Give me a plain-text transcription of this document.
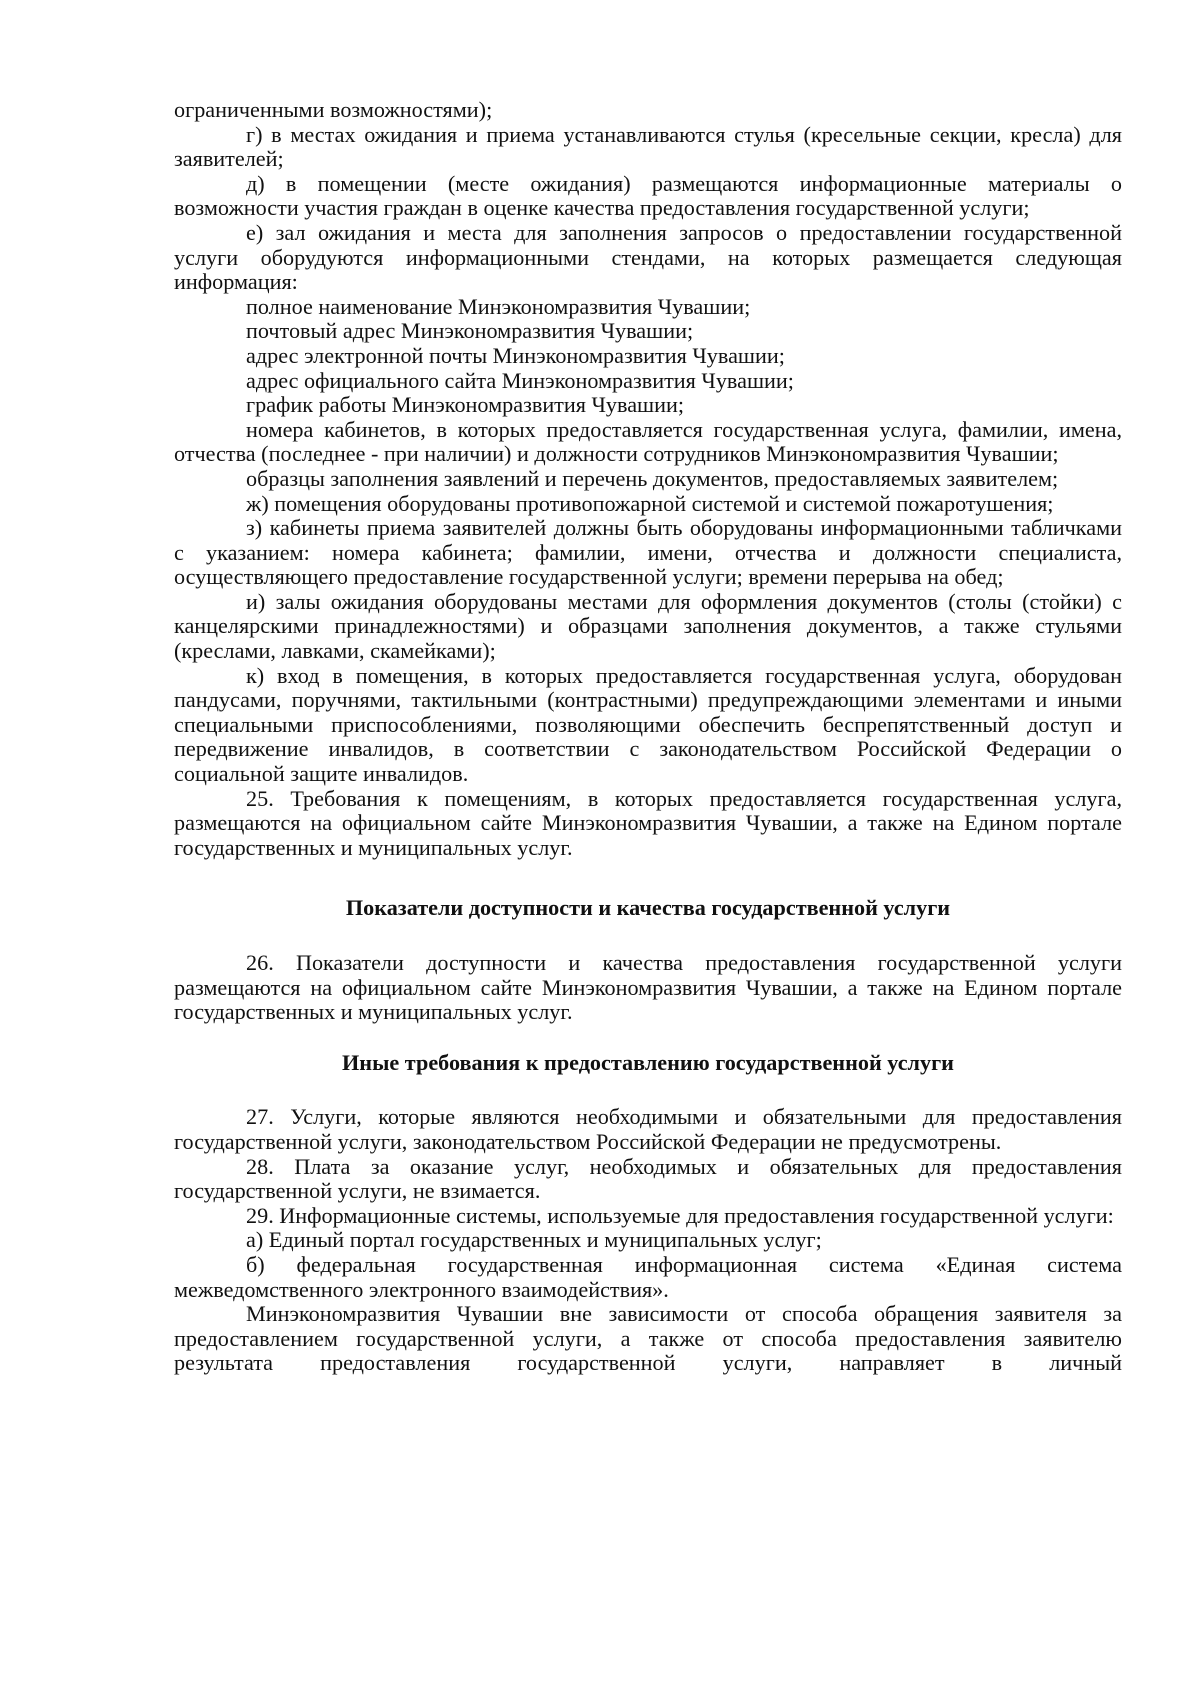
ограниченными возможностями);

г) в местах ожидания и приема устанавливаются стулья (кресельные секции, кресла) для заявителей;

д) в помещении (месте ожидания) размещаются информационные материалы о возможности участия граждан в оценке качества предоставления государственной услуги;

е) зал ожидания и места для заполнения запросов о предоставлении государственной услуги оборудуются информационными стендами, на которых размещается следующая информация:

полное наименование Минэкономразвития Чувашии;

почтовый адрес Минэкономразвития Чувашии;

адрес электронной почты Минэкономразвития Чувашии;

адрес официального сайта Минэкономразвития Чувашии;

график работы Минэкономразвития Чувашии;

номера кабинетов, в которых предоставляется государственная услуга, фамилии, имена, отчества (последнее - при наличии) и должности сотрудников Минэкономразвития Чувашии;

образцы заполнения заявлений и перечень документов, предоставляемых заявителем;

ж) помещения оборудованы противопожарной системой и системой пожаротушения;

з) кабинеты приема заявителей должны быть оборудованы информационными табличками с указанием: номера кабинета; фамилии, имени, отчества и должности специалиста, осуществляющего предоставление государственной услуги; времени перерыва на обед;

и) залы ожидания оборудованы местами для оформления документов (столы (стойки) с канцелярскими принадлежностями) и образцами заполнения документов, а также стульями (креслами, лавками, скамейками);

к) вход в помещения, в которых предоставляется государственная услуга, оборудован пандусами, поручнями, тактильными (контрастными) предупреждающими элементами и иными специальными приспособлениями, позволяющими обеспечить беспрепятственный доступ и передвижение инвалидов, в соответствии с законодательством Российской Федерации о социальной защите инвалидов.

25. Требования к помещениям, в которых предоставляется государственная услуга, размещаются на официальном сайте Минэкономразвития Чувашии, а также на Едином портале государственных и муниципальных услуг.

Показатели доступности и качества государственной услуги

26. Показатели доступности и качества предоставления государственной услуги размещаются на официальном сайте Минэкономразвития Чувашии, а также на Едином портале государственных и муниципальных услуг.

Иные требования к предоставлению государственной услуги

27. Услуги, которые являются необходимыми и обязательными для предоставления государственной услуги, законодательством Российской Федерации не предусмотрены.

28. Плата за оказание услуг, необходимых и обязательных для предоставления государственной услуги, не взимается.

29. Информационные системы, используемые для предоставления государственной услуги:

а) Единый портал государственных и муниципальных услуг;

б) федеральная государственная информационная система «Единая система межведомственного электронного взаимодействия».

Минэкономразвития Чувашии вне зависимости от способа обращения заявителя за предоставлением государственной услуги, а также от способа предоставления заявителю результата предоставления государственной услуги, направляет в личный
